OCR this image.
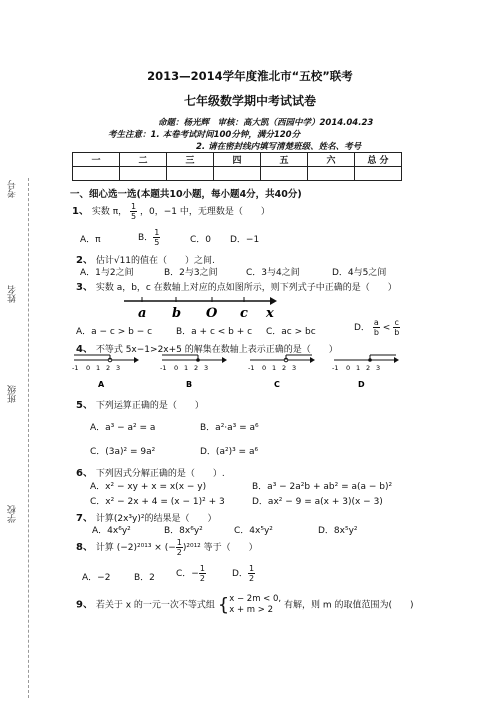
考号
姓名
班级
学校
2013—2014学年度淮北市“五校”联考
七年级数学期中考试试卷
命题：杨光辉　审核：高大凯（西园中学）2014.04.23
考生注意：1. 本卷考试时间100分钟，满分120分
2. 请在密封线内填写清楚班级、姓名、考号
一	二	三	四	五	六	总 分

一、细心选一选(本题共10小题，每小题4分，共40分)
1、 实数 π， $\frac{1}{5}$ ，0，−1 中，无理数是（　　）
A．π	B． $\frac{1}{5}$	C．0 D．−1
2、 估计√11的值在（　　）之间.
A．1与2之间	B．2与3之间	C．3与4之间	D．4与5之间
3、 实数 a，b，c 在数轴上对应的点如图所示，则下列式子中正确的是（　　）
a b O c x
A．a − c > b − c	B．a + c < b + c C．ac > bc	D． $\frac{a}{b} < \frac{c}{b}$
4、 不等式 5x−1>2x+5 的解集在数轴上表示正确的是（　　）
-1 0 1 2 3
A
-1 0 1 2 3
B
-1 0 1 2 3
C
-1 0 1 2 3
D
5、 下列运算正确的是（　　）
A．a³ − a² = a	B．a²·a³ = a⁶
C．(3a)² = 9a²	D．(a²)³ = a⁶
6、 下列因式分解正确的是（　　）.
A．x² − xy + x = x(x − y)	B．a³ − 2a²b + ab² = a(a − b)²
C．x² − 2x + 4 = (x − 1)² + 3	D．ax² − 9 = a(x + 3)(x − 3)
7、 计算(2x³y)²的结果是（　　）
A．4x⁶y²	B．8x⁶y²	C．4x⁵y²	D．8x⁵y²
8、 计算 (−2)²⁰¹³ × (− $\frac{1}{2} )^{2012}$ 等于（　　）
A．−2	B．2 C．− $\frac{1}{2}$	D． $\frac{1}{2}$
9、 若关于 x 的一元一次不等式组 { x − 2m < 0,
x + m > 2	有解，则 m 的取值范围为(　　)
